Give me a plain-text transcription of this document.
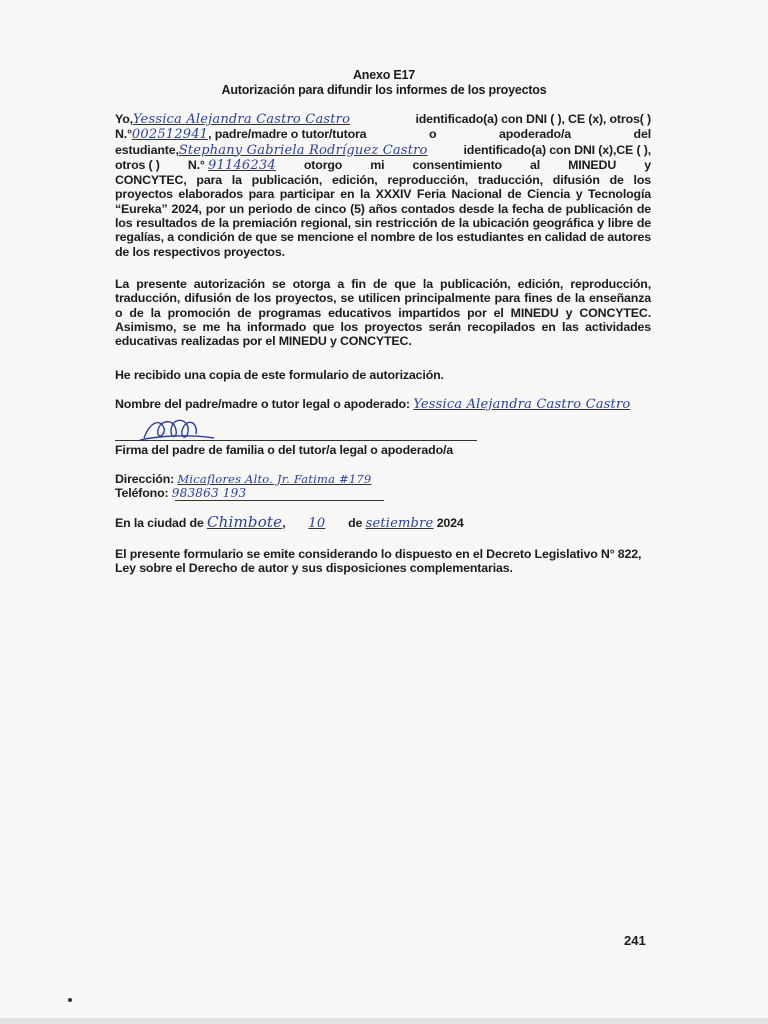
Anexo E17
Autorización para difundir los informes de los proyectos
Yo,Yessica Alejandra Castro Castro	identificado(a) con DNI ( ), CE (x), otros( )
N.°002512941, padre/madre o tutor/tutora	o	apoderado/a	del
estudiante,Stephany Gabriela Rodríguez Castro	identificado(a) con DNI (x),CE ( ),
otros ( ) N.° 91146234 otorgo mi consentimiento al MINEDU y
CONCYTEC, para la publicación, edición, reproducción, traducción, difusión de los proyectos elaborados para participar en la XXXIV Feria Nacional de Ciencia y Tecnología “Eureka” 2024, por un periodo de cinco (5) años contados desde la fecha de publicación de los resultados de la premiación regional, sin restricción de la ubicación geográfica y libre de regalías, a condición de que se mencione el nombre de los estudiantes en calidad de autores de los respectivos proyectos.
La presente autorización se otorga a fin de que la publicación, edición, reproducción, traducción, difusión de los proyectos, se utilicen principalmente para fines de la enseñanza o de la promoción de programas educativos impartidos por el MINEDU y CONCYTEC. Asimismo, se me ha informado que los proyectos serán recopilados en las actividades educativas realizadas por el MINEDU y CONCYTEC.
He recibido una copia de este formulario de autorización.
Nombre del padre/madre o tutor legal o apoderado: Yessica Alejandra Castro Castro
Firma del padre de familia o del tutor/a legal o apoderado/a
Dirección: Micaflores Alto. Jr. Fatima #179
Teléfono: 983863 193
En la ciudad de Chimbote, 10 de setiembre 2024
El presente formulario se emite considerando lo dispuesto en el Decreto Legislativo N° 822, Ley sobre el Derecho de autor y sus disposiciones complementarias.
241
